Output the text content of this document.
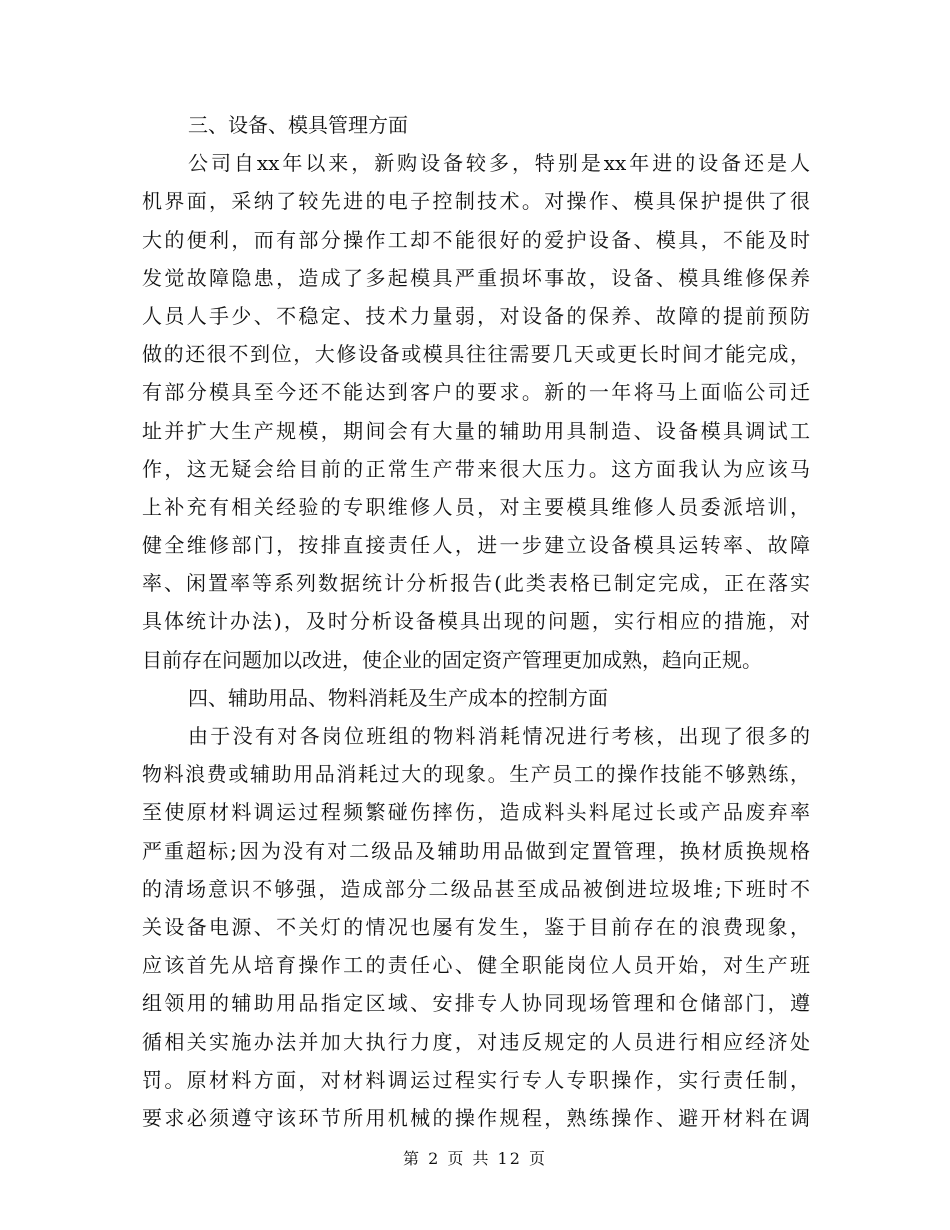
三、设备、模具管理方面
公司自xx年以来，新购设备较多，特别是xx年进的设备还是人
机界面，采纳了较先进的电子控制技术。对操作、模具保护提供了很
大的便利，而有部分操作工却不能很好的爱护设备、模具，不能及时
发觉故障隐患，造成了多起模具严重损坏事故，设备、模具维修保养
人员人手少、不稳定、技术力量弱，对设备的保养、故障的提前预防
做的还很不到位，大修设备或模具往往需要几天或更长时间才能完成，
有部分模具至今还不能达到客户的要求。新的一年将马上面临公司迁
址并扩大生产规模，期间会有大量的辅助用具制造、设备模具调试工
作，这无疑会给目前的正常生产带来很大压力。这方面我认为应该马
上补充有相关经验的专职维修人员，对主要模具维修人员委派培训，
健全维修部门，按排直接责任人，进一步建立设备模具运转率、故障
率、闲置率等系列数据统计分析报告(此类表格已制定完成，正在落实
具体统计办法)，及时分析设备模具出现的问题，实行相应的措施，对
目前存在问题加以改进，使企业的固定资产管理更加成熟，趋向正规。
四、辅助用品、物料消耗及生产成本的控制方面
由于没有对各岗位班组的物料消耗情况进行考核，出现了很多的
物料浪费或辅助用品消耗过大的现象。生产员工的操作技能不够熟练，
至使原材料调运过程频繁碰伤摔伤，造成料头料尾过长或产品废弃率
严重超标;因为没有对二级品及辅助用品做到定置管理，换材质换规格
的清场意识不够强，造成部分二级品甚至成品被倒进垃圾堆;下班时不
关设备电源、不关灯的情况也屡有发生，鉴于目前存在的浪费现象，
应该首先从培育操作工的责任心、健全职能岗位人员开始，对生产班
组领用的辅助用品指定区域、安排专人协同现场管理和仓储部门，遵
循相关实施办法并加大执行力度，对违反规定的人员进行相应经济处
罚。原材料方面，对材料调运过程实行专人专职操作，实行责任制，
要求必须遵守该环节所用机械的操作规程，熟练操作、避开材料在调
第 2 页 共 12 页
